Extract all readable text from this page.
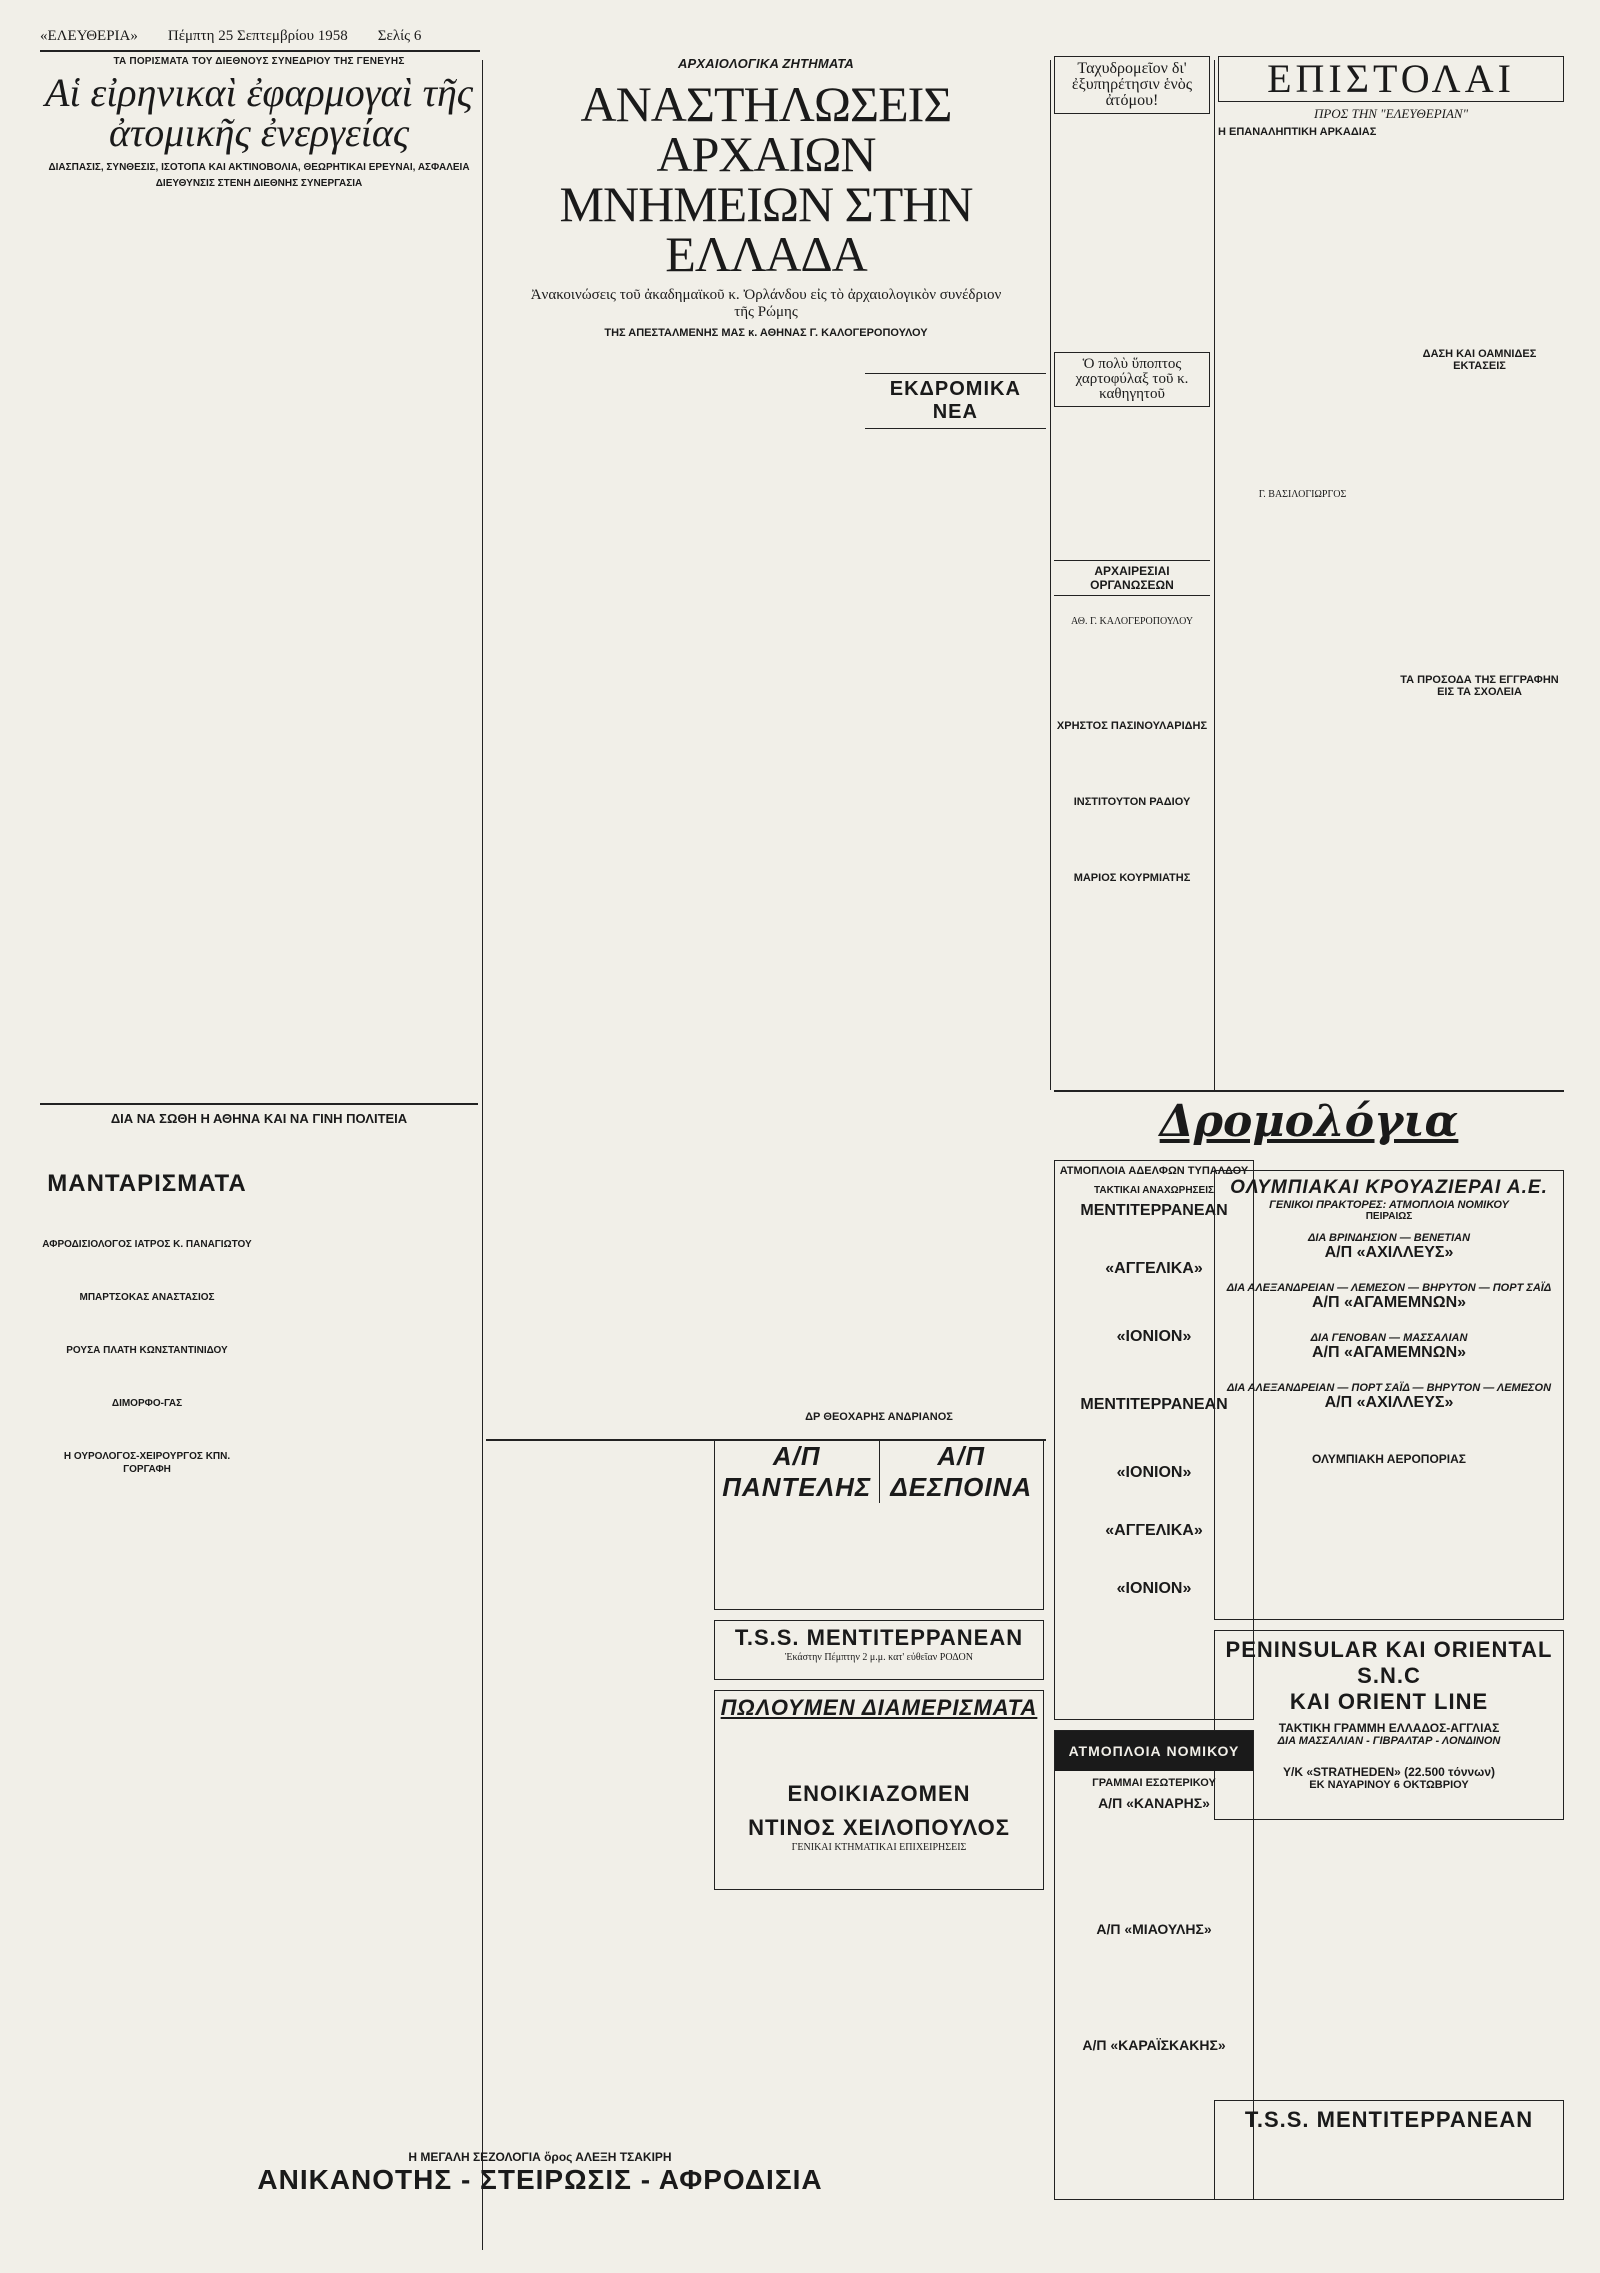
«ΕΛΕΥΘΕΡΙΑ» Πέμπτη 25 Σεπτεμβρίου 1958 Σελίς 6
ΤΑ ΠΟΡΙΣΜΑΤΑ ΤΟΥ ΔΙΕΘΝΟΥΣ ΣΥΝΕΔΡΙΟΥ ΤΗΣ ΓΕΝΕΥΗΣ
Αἱ εἰρηνικαὶ ἐφαρμογαὶ τῆς ἀτομικῆς ἐνεργείας
ΔΙΑΣΠΑΣΙΣ, ΣΥΝΘΕΣΙΣ, ΙΣΟΤΟΠΑ ΚΑΙ ΑΚΤΙΝΟΒΟΛΙΑ, ΘΕΩΡΗΤΙΚΑΙ ΕΡΕΥΝΑΙ, ΑΣΦΑΛΕΙΑ
ΔΙΕΥΘΥΝΣΙΣ ΣΤΕΝΗ ΔΙΕΘΝΗΣ ΣΥΝΕΡΓΑΣΙΑ

ΔΙΑ ΝΑ ΣΩΘΗ Η ΑΘΗΝΑ ΚΑΙ ΝΑ ΓΙΝΗ ΠΟΛΙΤΕΙΑ
ΜΑΝΤΑΡΙΣΜΑΤΑ
ΑΦΡΟΔΙΣΙΟΛΟΓΟΣ ΙΑΤΡΟΣ Κ. ΠΑΝΑΓΙΩΤΟΥ
ΜΠΑΡΤΣΟΚΑΣ ΑΝΑΣΤΑΣΙΟΣ
ΡΟΥΣΑ ΠΛΑΤΗ ΚΩΝΣΤΑΝΤΙΝΙΔΟΥ
ΔΙΜΟΡΦΟ-ΓΑΣ
Η ΟΥΡΟΛΟΓΟΣ-ΧΕΙΡΟΥΡΓΟΣ ΚΠΝ. ΓΟΡΓΑΦΗ

ΑΡΧΑΙΟΛΟΓΙΚΑ ΖΗΤΗΜΑΤΑ
ΑΝΑΣΤΗΛΩΣΕΙΣ ΑΡΧΑΙΩΝ
ΜΝΗΜΕΙΩΝ ΣΤΗΝ ΕΛΛΑΔΑ
Ἀνακοινώσεις τοῦ ἀκαδημαϊκοῦ κ. Ὀρλάνδου εἰς τὸ ἀρχαιολογικὸν συνέδριον τῆς Ρώμης
ΤΗΣ ΑΠΕΣΤΑΛΜΕΝΗΣ ΜΑΣ κ. ΑΘΗΝΑΣ Γ. ΚΑΛΟΓΕΡΟΠΟΥΛΟΥ

ΕΚΔΡΟΜΙΚΑ ΝΕΑ

Α/Π ΠΑΝΤΕΛΗΣ
Α/Π ΔΕΣΠΟΙΝΑ
T.S.S. ΜΕΝΤΙΤΕΡΡΑΝΕΑΝ
Ἑκάστην Πέμπτην 2 μ.μ. κατ' εὐθεῖαν ΡΟΔΟΝ
ΠΩΛΟΥΜΕΝ ΔΙΑΜΕΡΙΣΜΑΤΑ
ΕΝΟΙΚΙΑΖΟΜΕΝ
ΝΤΙΝΟΣ ΧΕΙΛΟΠΟΥΛΟΣ
ΓΕΝΙΚΑΙ ΚΤΗΜΑΤΙΚΑΙ ΕΠΙΧΕΙΡΗΣΕΙΣ
ΔΡ ΘΕΟΧΑΡΗΣ ΑΝΔΡΙΑΝΟΣ
Η ΜΕΓΑΛΗ ΣΕΖΟΛΟΓΙΑ ὅρος ΑΛΕΞΗ ΤΣΑΚΙΡΗ
ΑΝΙΚΑΝΟΤΗΣ - ΣΤΕΙΡΩΣΙΣ - ΑΦΡΟΔΙΣΙΑ
Ταχυδρομεῖον δι' ἐξυπηρέτησιν ἑνὸς ἀτόμου!

Ὁ πολὺ ὕποπτος χαρτοφύλαξ τοῦ κ. καθηγητοῦ

ΑΘ. Γ. ΚΑΛΟΓΕΡΟΠΟΥΛΟΥ
ΑΡΧΑΙΡΕΣΙΑΙ ΟΡΓΑΝΩΣΕΩΝ

ΧΡΗΣΤΟΣ ΠΑΣΙΝΟΥΛΑΡΙΔΗΣ

ΙΝΣΤΙΤΟΥΤΟΝ ΡΑΔΙΟΥ

ΜΑΡΙΟΣ ΚΟΥΡΜΙΑΤΗΣ
ΕΠΙΣΤΟΛΑΙ
ΠΡΟΣ ΤΗΝ "ΕΛΕΥΘΕΡΙΑΝ"
Η ΕΠΑΝΑΛΗΠΤΙΚΗ ΑΡΚΑΔΙΑΣ

Γ. ΒΑΣΙΛΟΓΙΩΡΓΟΣ

ΔΑΣΗ ΚΑΙ ΟΑΜΝΙΔΕΣ ΕΚΤΑΣΕΙΣ

ΤΑ ΠΡΟΣΟΔΑ ΤΗΣ ΕΓΓΡΑΦΗΝ ΕΙΣ ΤΑ ΣΧΟΛΕΙΑ

Δρομολόγια
ΑΤΜΟΠΛΟΙΑ ΑΔΕΛΦΩΝ ΤΥΠΑΛΔΟΥ
ΤΑΚΤΙΚΑΙ ΑΝΑΧΩΡΗΣΕΙΣ
ΜΕΝΤΙΤΕΡΡΑΝΕΑΝ
«ΑΓΓΕΛΙΚΑ»
«ΙΟΝΙΟΝ»
ΜΕΝΤΙΤΕΡΡΑΝΕΑΝ
«ΙΟΝΙΟΝ»
«ΑΓΓΕΛΙΚΑ»
«ΙΟΝΙΟΝ»
ΟΛΥΜΠΙΑΚΑΙ ΚΡΟΥΑΖΙΕΡΑΙ Α.Ε.
ΓΕΝΙΚΟΙ ΠΡΑΚΤΟΡΕΣ: ΑΤΜΟΠΛΟΙΑ ΝΟΜΙΚΟΥ
ΠΕΙΡΑΙΩΣ
ΔΙΑ ΒΡΙΝΔΗΣΙΟΝ — ΒΕΝΕΤΙΑΝ
Α/Π «ΑΧΙΛΛΕΥΣ»
ΔΙΑ ΑΛΕΞΑΝΔΡΕΙΑΝ — ΛΕΜΕΣΟΝ — ΒΗΡΥΤΟΝ — ΠΟΡΤ ΣΑΪΔ
Α/Π «ΑΓΑΜΕΜΝΩΝ»
ΔΙΑ ΓΕΝΟΒΑΝ — ΜΑΣΣΑΛΙΑΝ
Α/Π «ΑΓΑΜΕΜΝΩΝ»
ΔΙΑ ΑΛΕΞΑΝΔΡΕΙΑΝ — ΠΟΡΤ ΣΑΪΔ — ΒΗΡΥΤΟΝ — ΛΕΜΕΣΟΝ
Α/Π «ΑΧΙΛΛΕΥΣ»
ΟΛΥΜΠΙΑΚΗ ΑΕΡΟΠΟΡΙΑΣ
PENINSULAR ΚΑΙ ORIENTAL S.N.C
ΚΑΙ ORIENT LINE
ΤΑΚΤΙΚΗ ΓΡΑΜΜΗ ΕΛΛΑΔΟΣ-ΑΓΓΛΙΑΣ
ΔΙΑ ΜΑΣΣΑΛΙΑΝ - ΓΙΒΡΑΛΤΑΡ - ΛΟΝΔΙΝΟΝ
Υ/Κ «STRATHEDEN» (22.500 τόννων)
ΕΚ ΝΑΥΑΡΙΝΟΥ 6 ΟΚΤΩΒΡΙΟΥ
ΑΤΜΟΠΛΟΙΑ ΝΟΜΙΚΟΥ
ΓΡΑΜΜΑΙ ΕΣΩΤΕΡΙΚΟΥ
Α/Π «ΚΑΝΑΡΗΣ»
Α/Π «ΜΙΑΟΥΛΗΣ»
Α/Π «ΚΑΡΑΪΣΚΑΚΗΣ»
T.S.S. ΜΕΝΤΙΤΕΡΡΑΝΕΑΝ
